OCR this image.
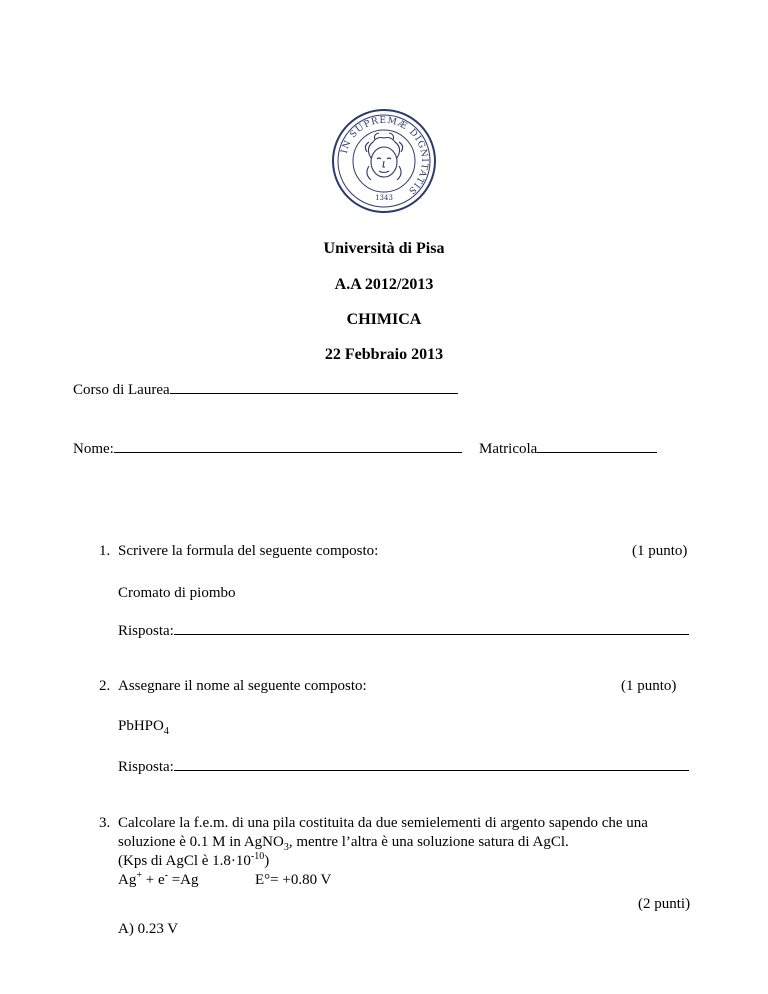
IN SUPREMÆ DIGNITATIS
1343
Università di Pisa
A.A 2012/2013
CHIMICA
22 Febbraio 2013
Corso di Laurea
Nome:	Matricola
1. Scrivere la formula del seguente composto:	(1 punto)
Cromato di piombo
Risposta:
2. Assegnare il nome al seguente composto:	(1 punto)
PbHPO$_4$
Risposta:
3. Calcolare la f.e.m. di una pila costituita da due semielementi di argento sapendo che una
soluzione è 0.1 M in AgNO$_3$, mentre l’altra è una soluzione satura di AgCl.
(Kps di AgCl è $1.8\cdot 10^{-10}$)
Ag+ + e- =Ag	E°= +0.80 V
(2 punti)
A) 0.23 V
